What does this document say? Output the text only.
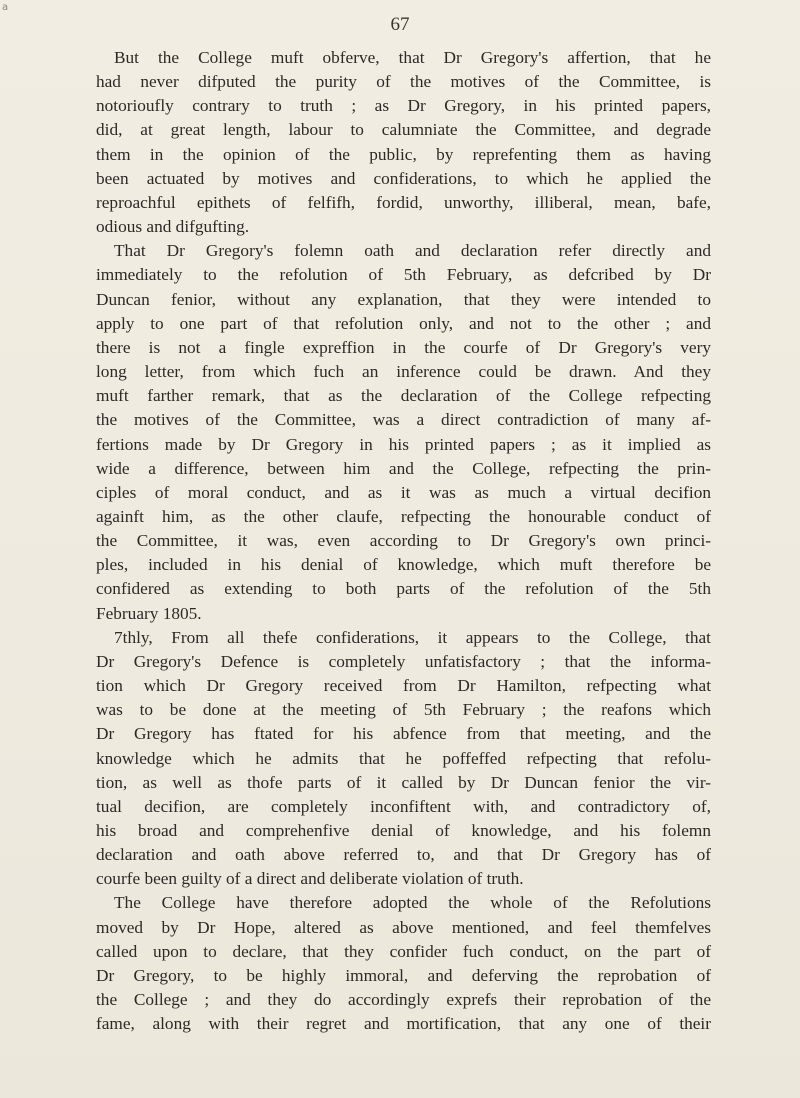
a
67
But the College muft obferve, that Dr Gregory's affertion, that he
had never difputed the purity of the motives of the Committee, is
notorioufly contrary to truth ; as Dr Gregory, in his printed papers,
did, at great length, labour to calumniate the Committee, and degrade
them in the opinion of the public, by reprefenting them as having
been actuated by motives and confiderations, to which he applied the
reproachful epithets of felfifh, fordid, unworthy, illiberal, mean, bafe,
odious and difgufting.
That Dr Gregory's folemn oath and declaration refer directly and
immediately to the refolution of 5th February, as defcribed by Dr
Duncan fenior, without any explanation, that they were intended to
apply to one part of that refolution only, and not to the other ; and
there is not a fingle expreffion in the courfe of Dr Gregory's very
long letter, from which fuch an inference could be drawn. And they
muft farther remark, that as the declaration of the College refpecting
the motives of the Committee, was a direct contradiction of many af-
fertions made by Dr Gregory in his printed papers ; as it implied as
wide a difference, between him and the College, refpecting the prin-
ciples of moral conduct, and as it was as much a virtual decifion
againft him, as the other claufe, refpecting the honourable conduct of
the Committee, it was, even according to Dr Gregory's own princi-
ples, included in his denial of knowledge, which muft therefore be
confidered as extending to both parts of the refolution of the 5th
February 1805.
7thly, From all thefe confiderations, it appears to the College, that
Dr Gregory's Defence is completely unfatisfactory ; that the informa-
tion which Dr Gregory received from Dr Hamilton, refpecting what
was to be done at the meeting of 5th February ; the reafons which
Dr Gregory has ftated for his abfence from that meeting, and the
knowledge which he admits that he poffeffed refpecting that refolu-
tion, as well as thofe parts of it called by Dr Duncan fenior the vir-
tual decifion, are completely inconfiftent with, and contradictory of,
his broad and comprehenfive denial of knowledge, and his folemn
declaration and oath above referred to, and that Dr Gregory has of
courfe been guilty of a direct and deliberate violation of truth.
The College have therefore adopted the whole of the Refolutions
moved by Dr Hope, altered as above mentioned, and feel themfelves
called upon to declare, that they confider fuch conduct, on the part of
Dr Gregory, to be highly immoral, and deferving the reprobation of
the College ; and they do accordingly exprefs their reprobation of the
fame, along with their regret and mortification, that any one of their
